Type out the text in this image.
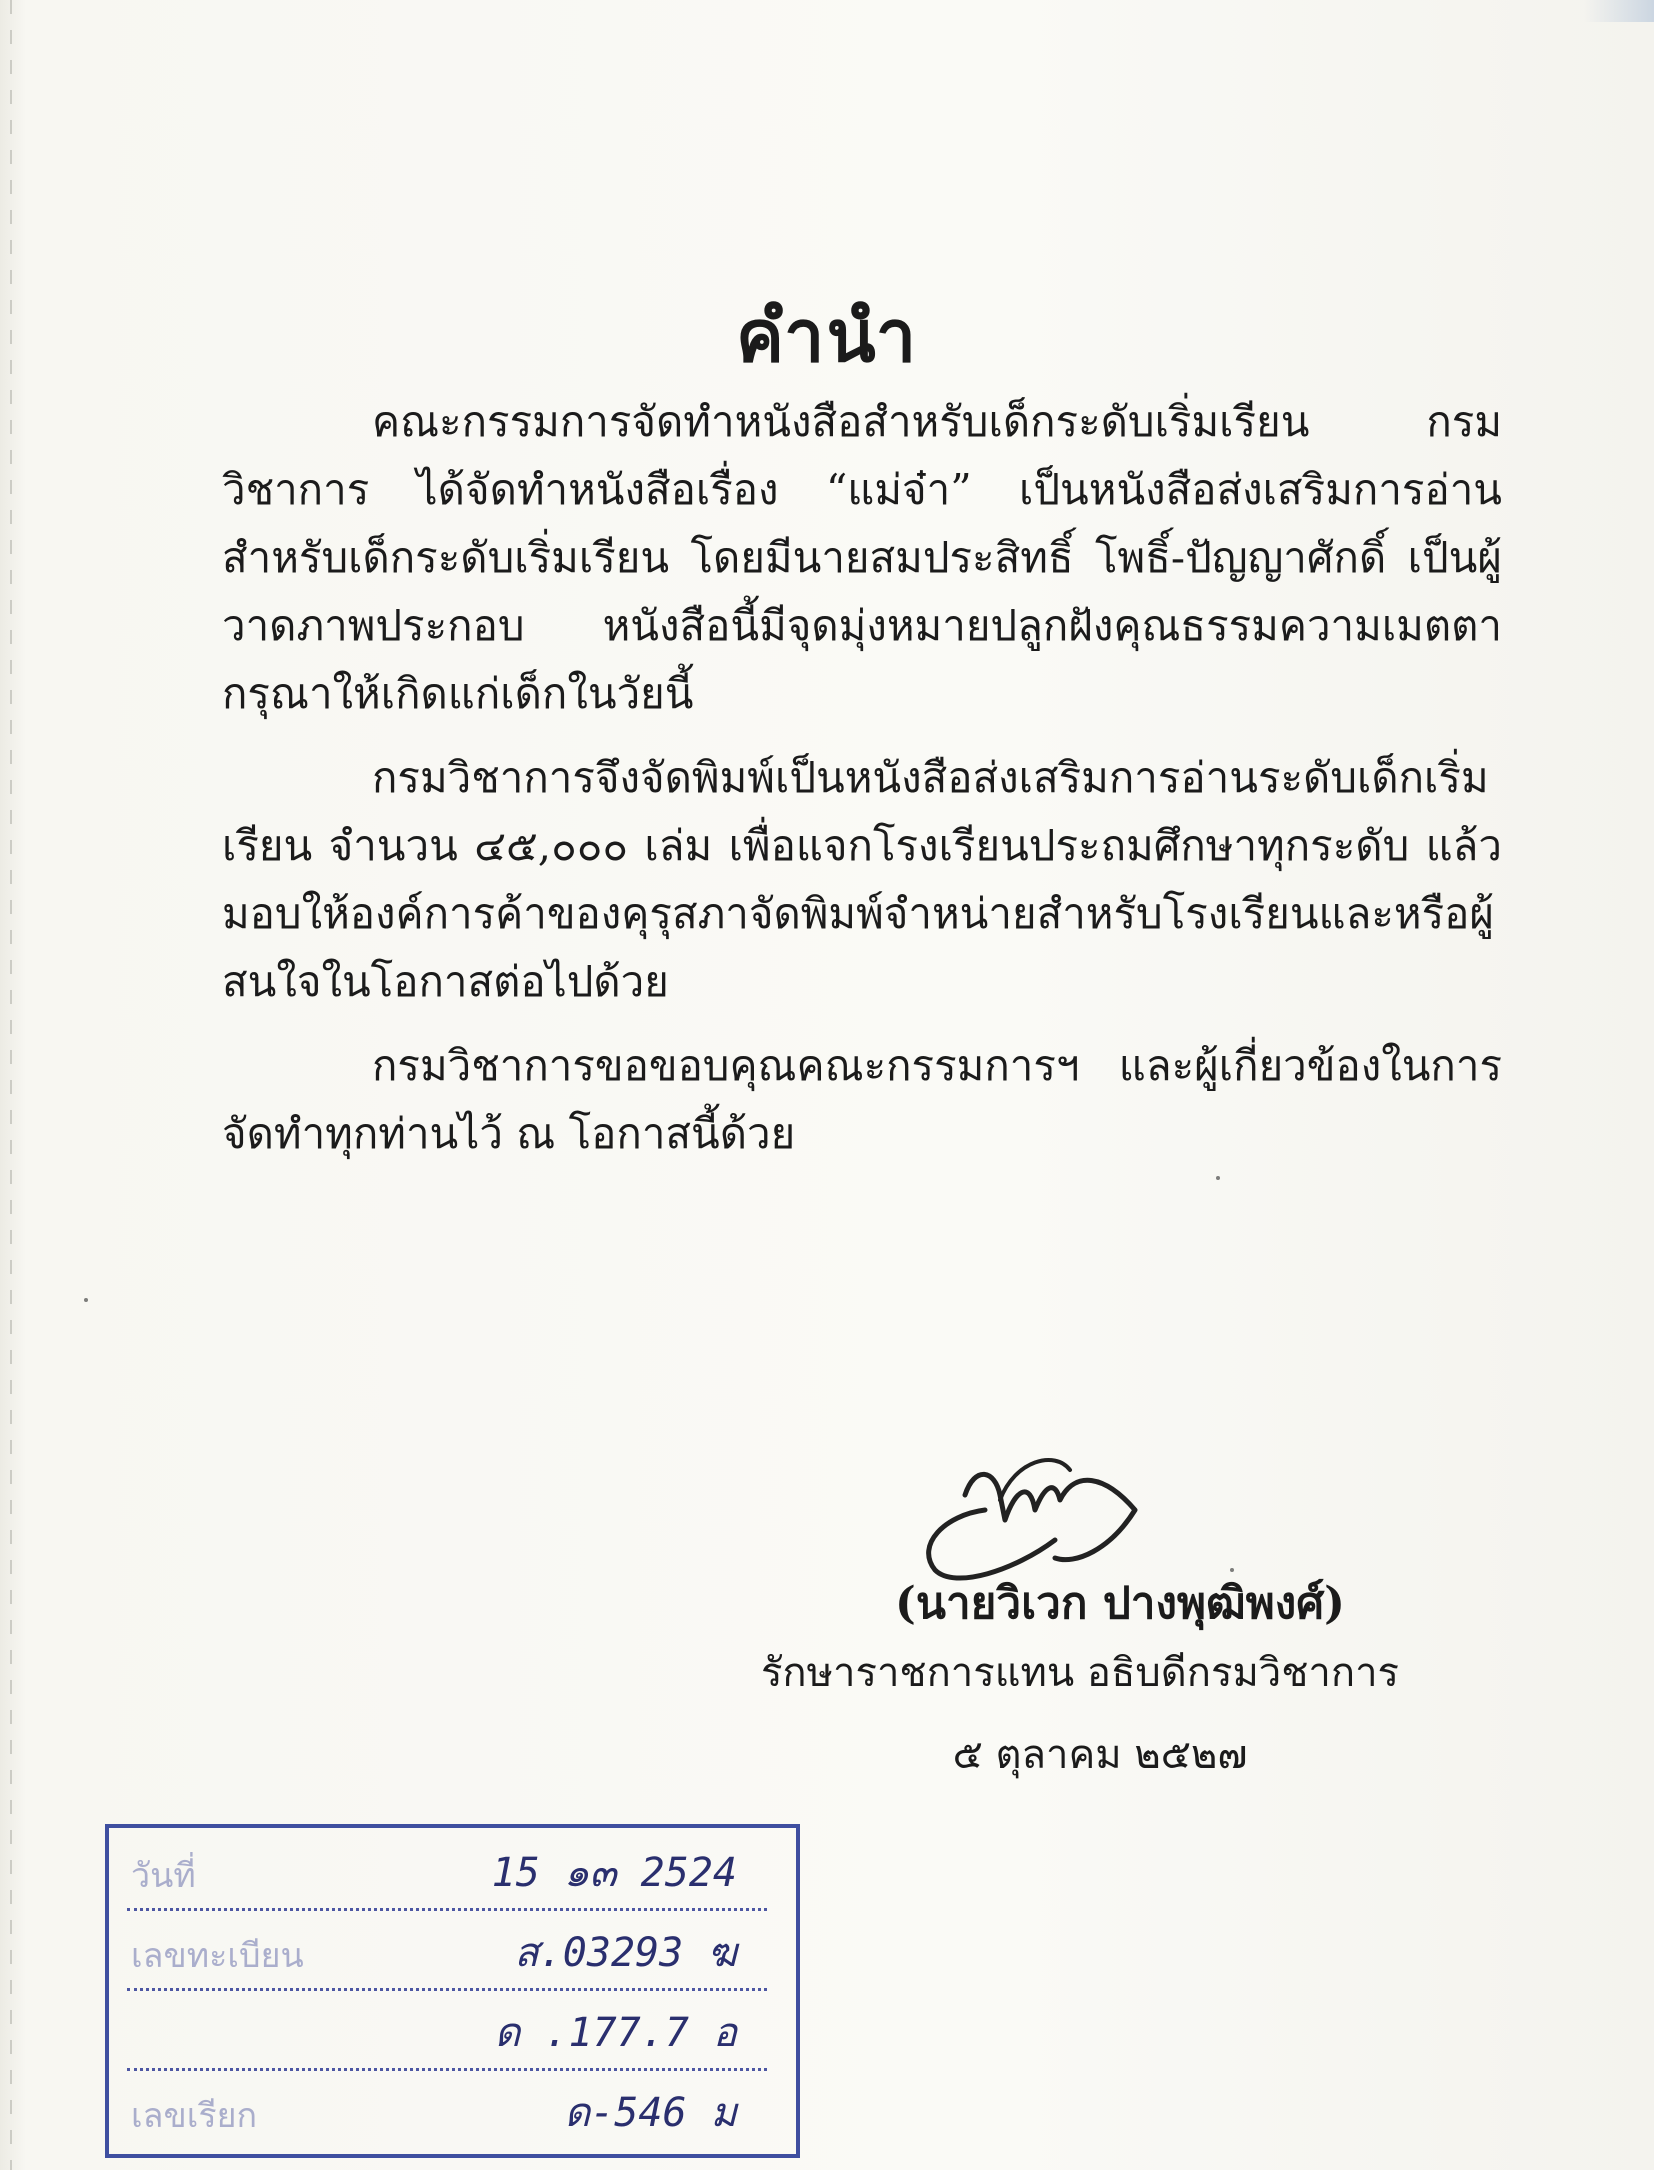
คำนำ

คณะกรรมการจัดทำหนังสือสำหรับเด็กระดับเริ่มเรียน กรมวิชาการ ได้จัดทำหนังสือเรื่อง “แม่จ๋า” เป็นหนังสือส่งเสริมการอ่านสำหรับเด็กระดับเริ่มเรียน โดยมีนายสมประสิทธิ์ โพธิ์-ปัญญาศักดิ์ เป็นผู้วาดภาพประกอบ หนังสือนี้มีจุดมุ่งหมายปลูกฝังคุณธรรมความเมตตากรุณาให้เกิดแก่เด็กในวัยนี้

กรมวิชาการจึงจัดพิมพ์เป็นหนังสือส่งเสริมการอ่านระดับเด็กเริ่มเรียน จำนวน ๔๕,๐๐๐ เล่ม เพื่อแจกโรงเรียนประถมศึกษาทุกระดับ แล้วมอบให้องค์การค้าของคุรุสภาจัดพิมพ์จำหน่ายสำหรับโรงเรียนและหรือผู้สนใจในโอกาสต่อไปด้วย

กรมวิชาการขอขอบคุณคณะกรรมการฯ และผู้เกี่ยวข้องในการจัดทำทุกท่านไว้ ณ โอกาสนี้ด้วย

(นายวิเวก ปางพุฒิพงศ์)
รักษาราชการแทน อธิบดีกรมวิชาการ
๕ ตุลาคม ๒๕๒๗
วันที่	15 ๑๓ 2524
เลขทะเบียน	ส.03293 ฆ
ด .177.7 อ
เลขเรียก	ด-546 ม
